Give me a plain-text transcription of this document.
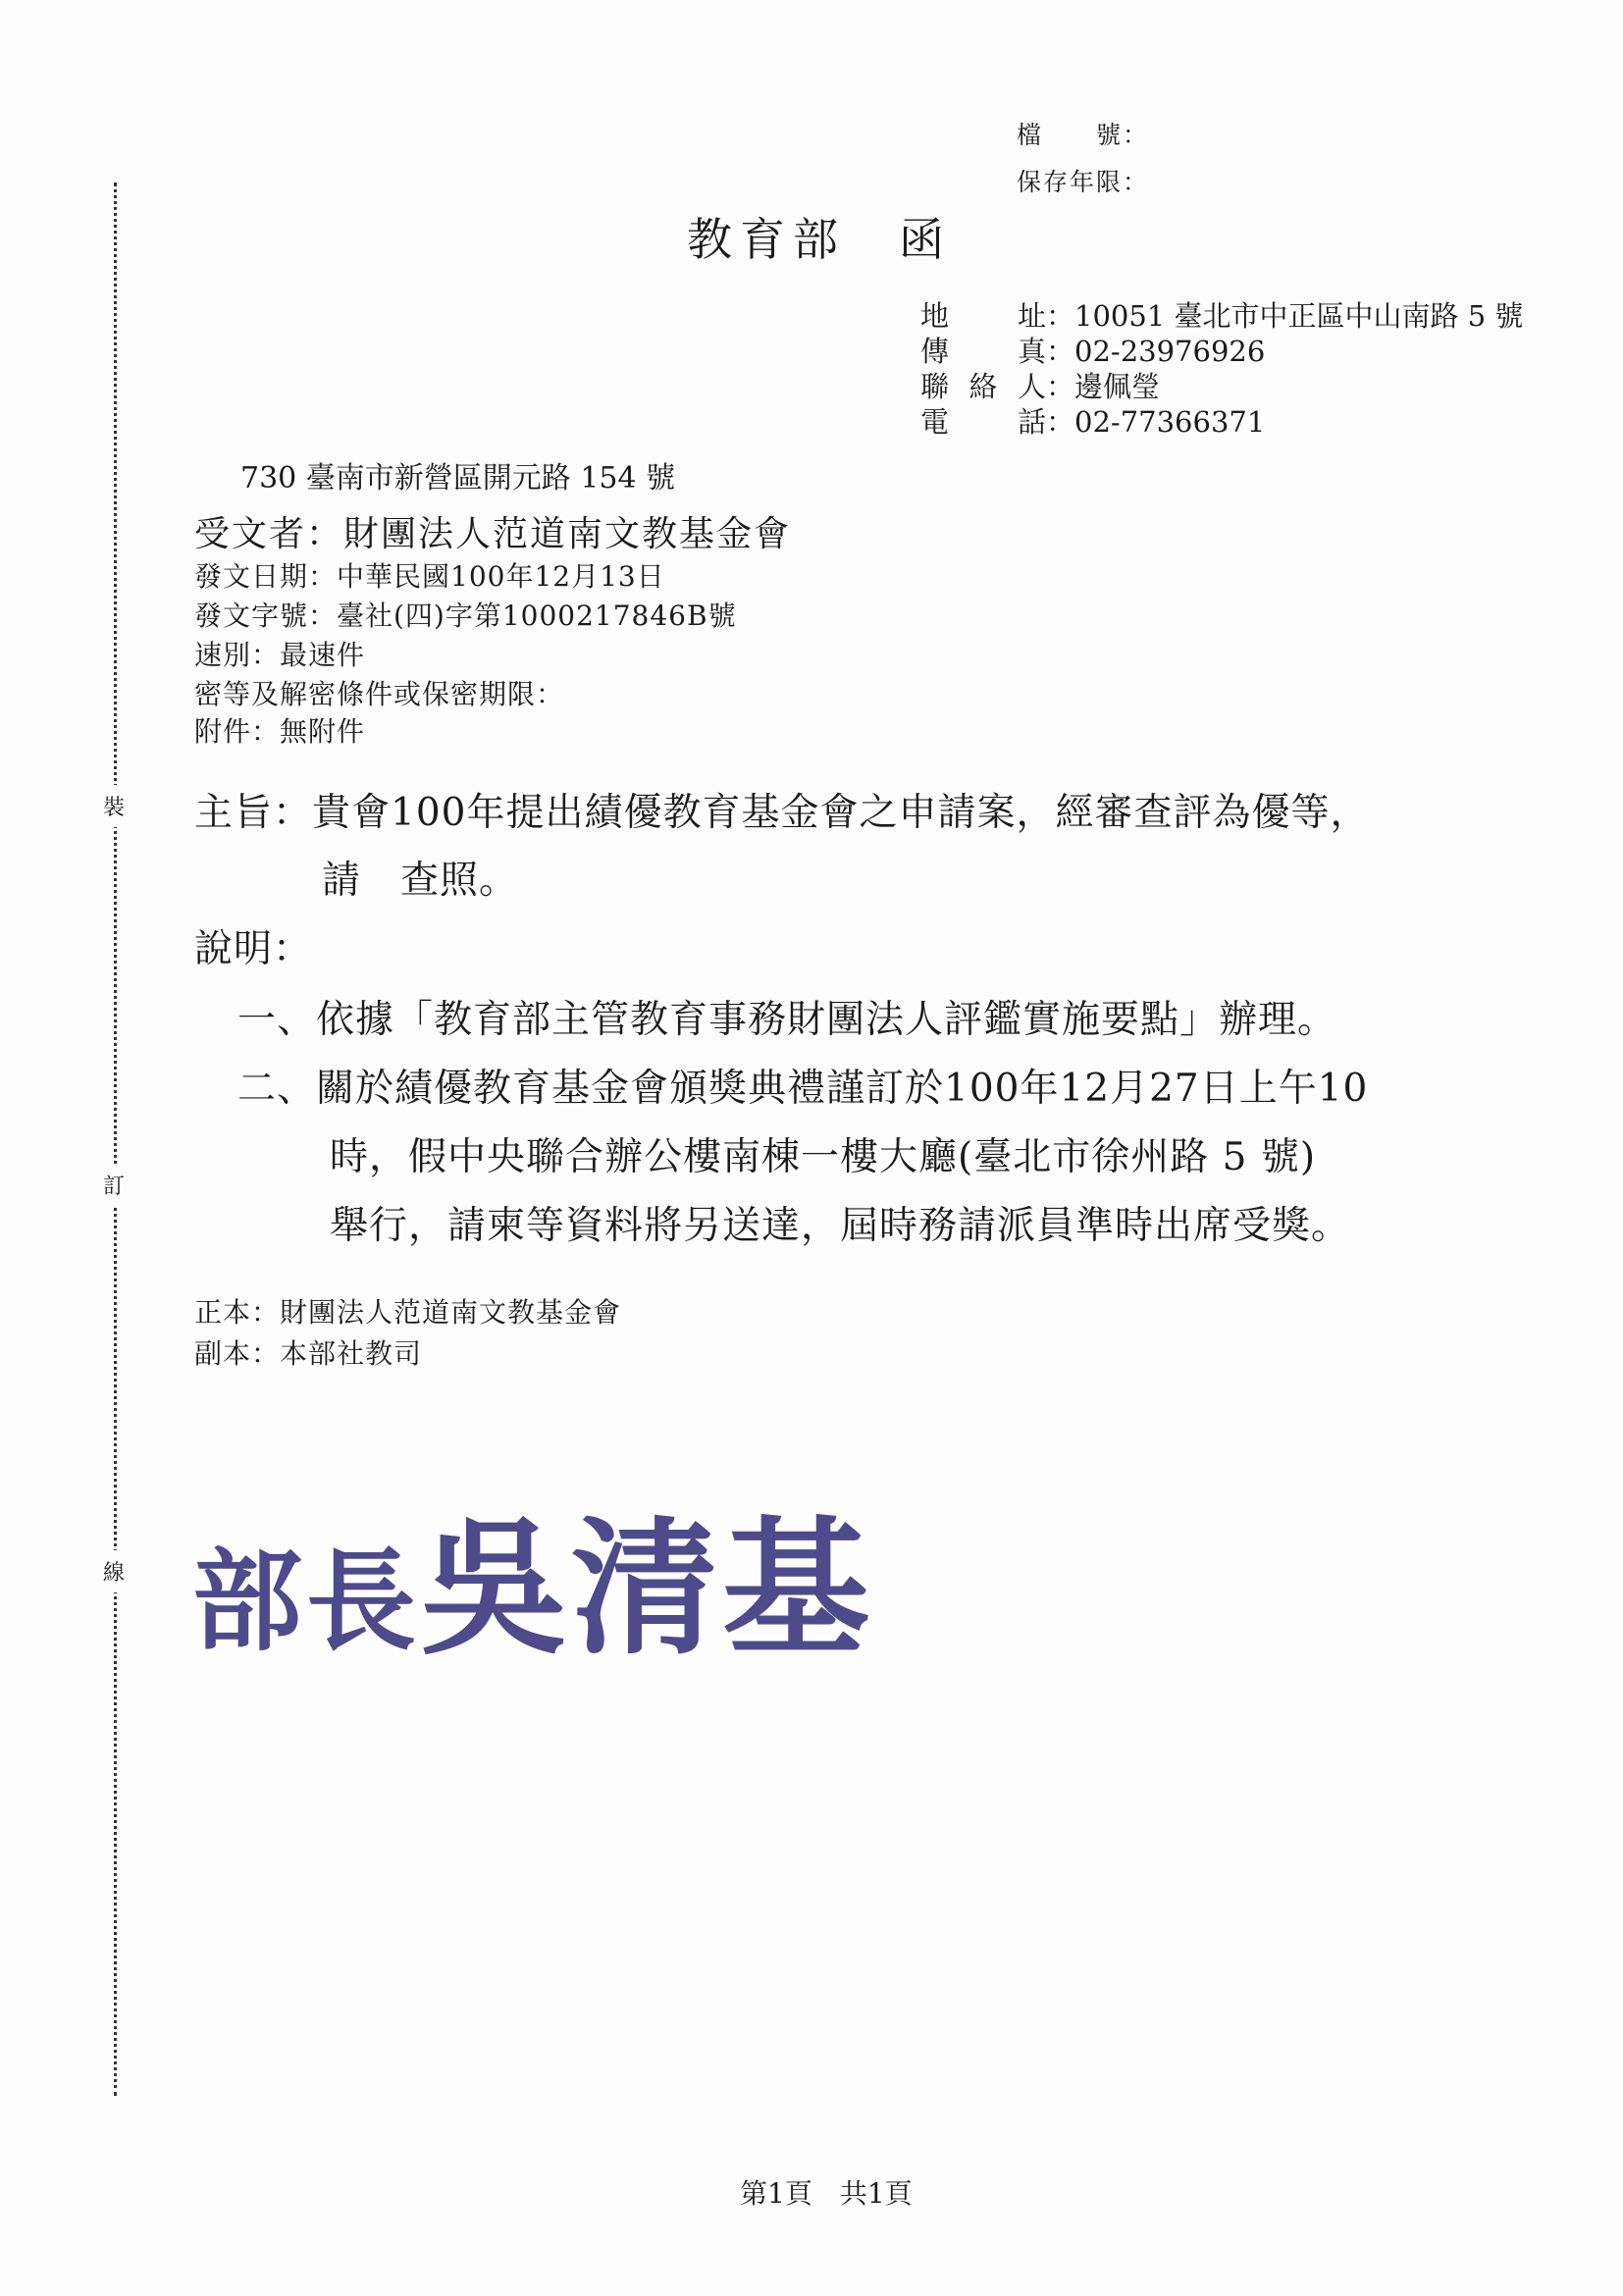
裝
訂
線
檔　　號：
保存年限：
教育部　函
地 址 ：10051 臺北市中正區中山南路 5 號
傳 真 ：02-23976926
聯絡人 ：邊佩瑩
電 話 ：02-77366371
730 臺南市新營區開元路 154 號
受文者：財團法人范道南文教基金會
發文日期：中華民國100年12月13日
發文字號：臺社(四)字第1000217846B號
速別：最速件
密等及解密條件或保密期限：
附件：無附件
主旨：貴會100年提出績優教育基金會之申請案，經審查評為優等，
請　查照。
說明：
一、依據「教育部主管教育事務財團法人評鑑實施要點」辦理。
二、關於績優教育基金會頒獎典禮謹訂於100年12月27日上午10
時，假中央聯合辦公樓南棟一樓大廳(臺北市徐州路 5 號)
舉行，請柬等資料將另送達，屆時務請派員準時出席受獎。
正本：財團法人范道南文教基金會
副本：本部社教司
部長吳清基
第1頁　共1頁
